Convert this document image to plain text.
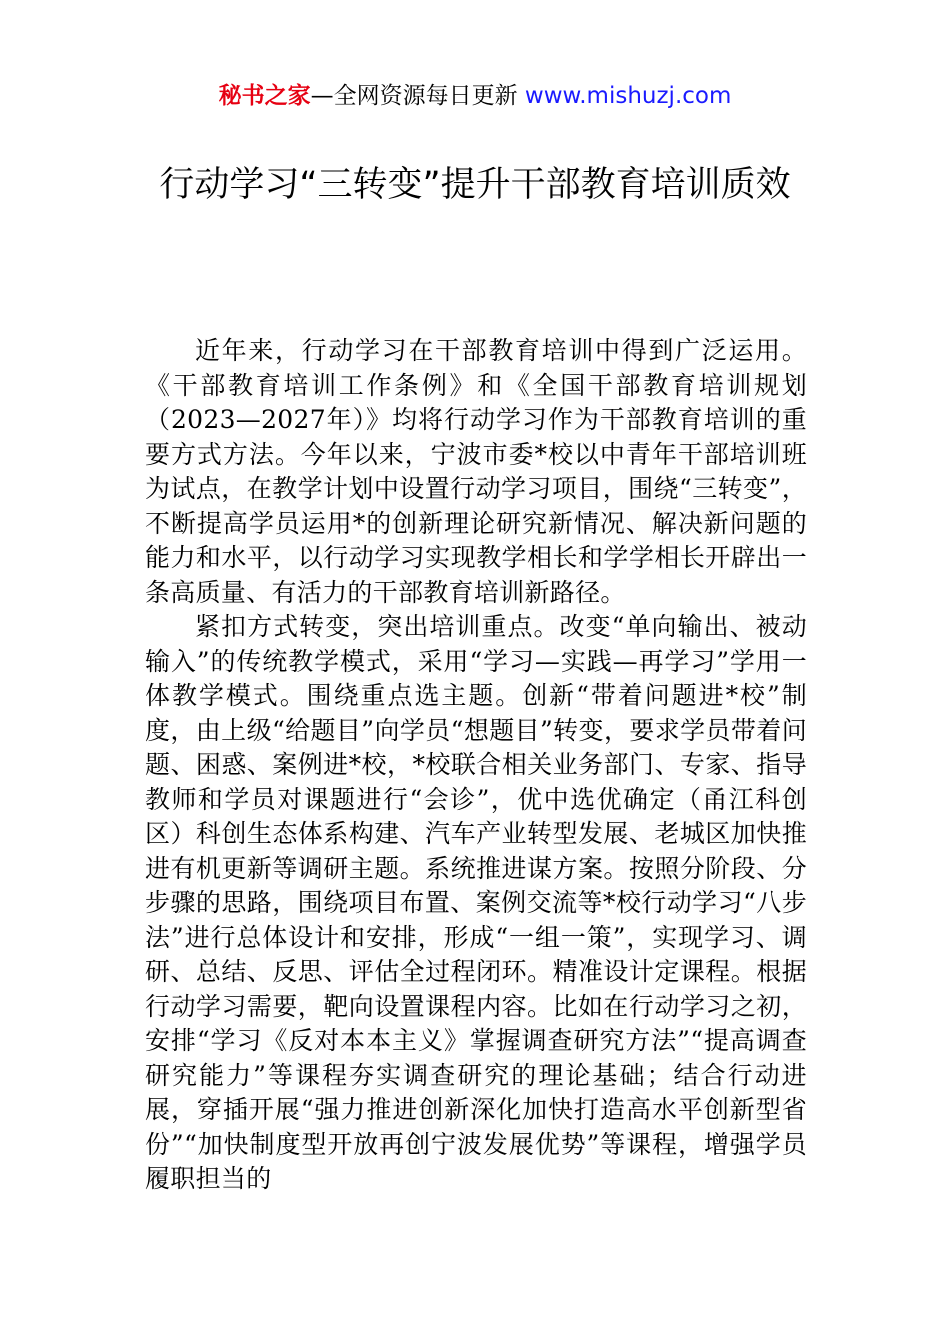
秘书之家—全网资源每日更新 www.mishuzj.com
行动学习“三转变”提升干部教育培训质效

近年来，行动学习在干部教育培训中得到广泛运用。《干部教育培训工作条例》和《全国干部教育培训规划（2023—2027年）》均将行动学习作为干部教育培训的重要方式方法。今年以来，宁波市委*校以中青年干部培训班为试点，在教学计划中设置行动学习项目，围绕“三转变”，不断提高学员运用*的创新理论研究新情况、解决新问题的能力和水平，以行动学习实现教学相长和学学相长开辟出一条高质量、有活力的干部教育培训新路径。

紧扣方式转变，突出培训重点。改变“单向输出、被动输入”的传统教学模式，采用“学习—实践—再学习”学用一体教学模式。围绕重点选主题。创新“带着问题进*校”制度，由上级“给题目”向学员“想题目”转变，要求学员带着问题、困惑、案例进*校，*校联合相关业务部门、专家、指导教师和学员对课题进行“会诊”，优中选优确定（甬江科创区）科创生态体系构建、汽车产业转型发展、老城区加快推进有机更新等调研主题。系统推进谋方案。按照分阶段、分步骤的思路，围绕项目布置、案例交流等*校行动学习“八步法”进行总体设计和安排，形成“一组一策”，实现学习、调研、总结、反思、评估全过程闭环。精准设计定课程。根据行动学习需要，靶向设置课程内容。比如在行动学习之初，安排“学习《反对本本主义》掌握调查研究方法”“提高调查研究能力”等课程夯实调查研究的理论基础；结合行动进展，穿插开展“强力推进创新深化加快打造高水平创新型省份”“加快制度型开放再创宁波发展优势”等课程，增强学员履职担当的
